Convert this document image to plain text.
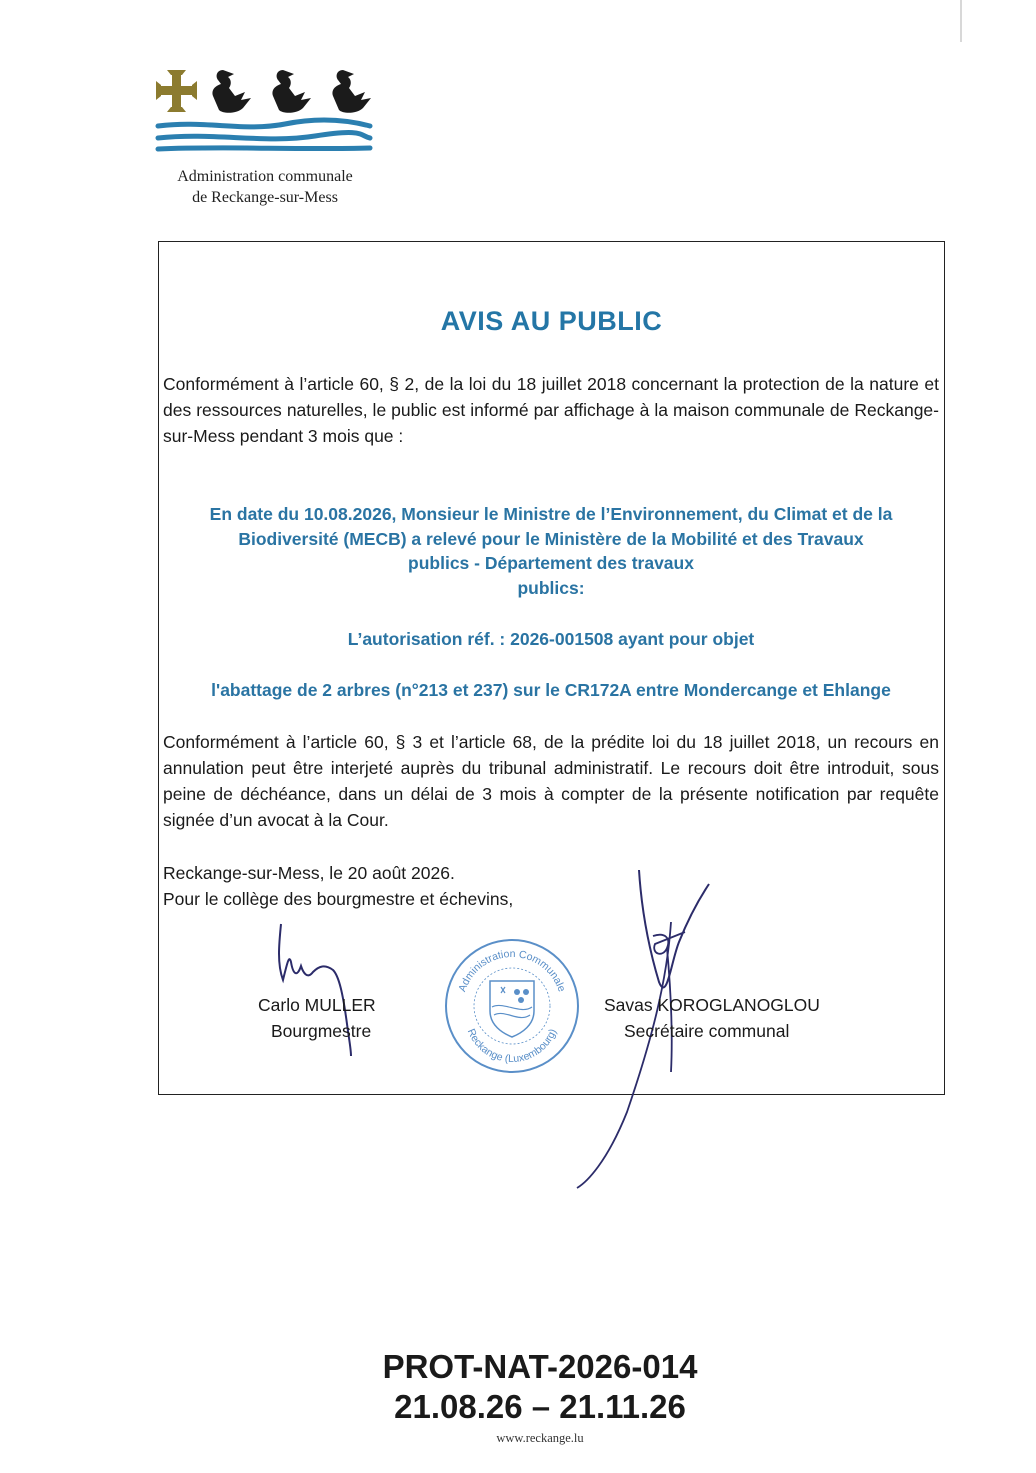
Administration communale
de Reckange-sur-Mess
AVIS AU PUBLIC
Conformément à l’article 60, § 2, de la loi du 18 juillet 2018 concernant la protection de la nature et des ressources naturelles, le public est informé par affichage à la maison communale de Reckange-sur-Mess pendant 3 mois que :
En date du 10.08.2026, Monsieur le Ministre de l’Environnement, du Climat et de la
Biodiversité (MECB) a relevé pour le Ministère de la Mobilité et des Travaux
publics - Département des travaux
publics:
L’autorisation réf. : 2026-001508 ayant pour objet
l'abattage de 2 arbres (n°213 et 237) sur le CR172A entre Mondercange et Ehlange
Conformément à l’article 60, § 3 et l’article 68, de la prédite loi du 18 juillet 2018, un recours en annulation peut être interjeté auprès du tribunal administratif. Le recours doit être introduit, sous peine de déchéance, dans un délai de 3 mois à compter de la présente notification par requête signée d’un avocat à la Cour.
Reckange-sur-Mess, le 20 août 2026.
Pour le collège des bourgmestre et échevins,
Administration Communale
Reckange (Luxembourg)
Carlo MULLER
Bourgmestre
Savas KOROGLANOGLOU
Secrétaire communal
PROT-NAT-2026-014
21.08.26 – 21.11.26
www.reckange.lu
